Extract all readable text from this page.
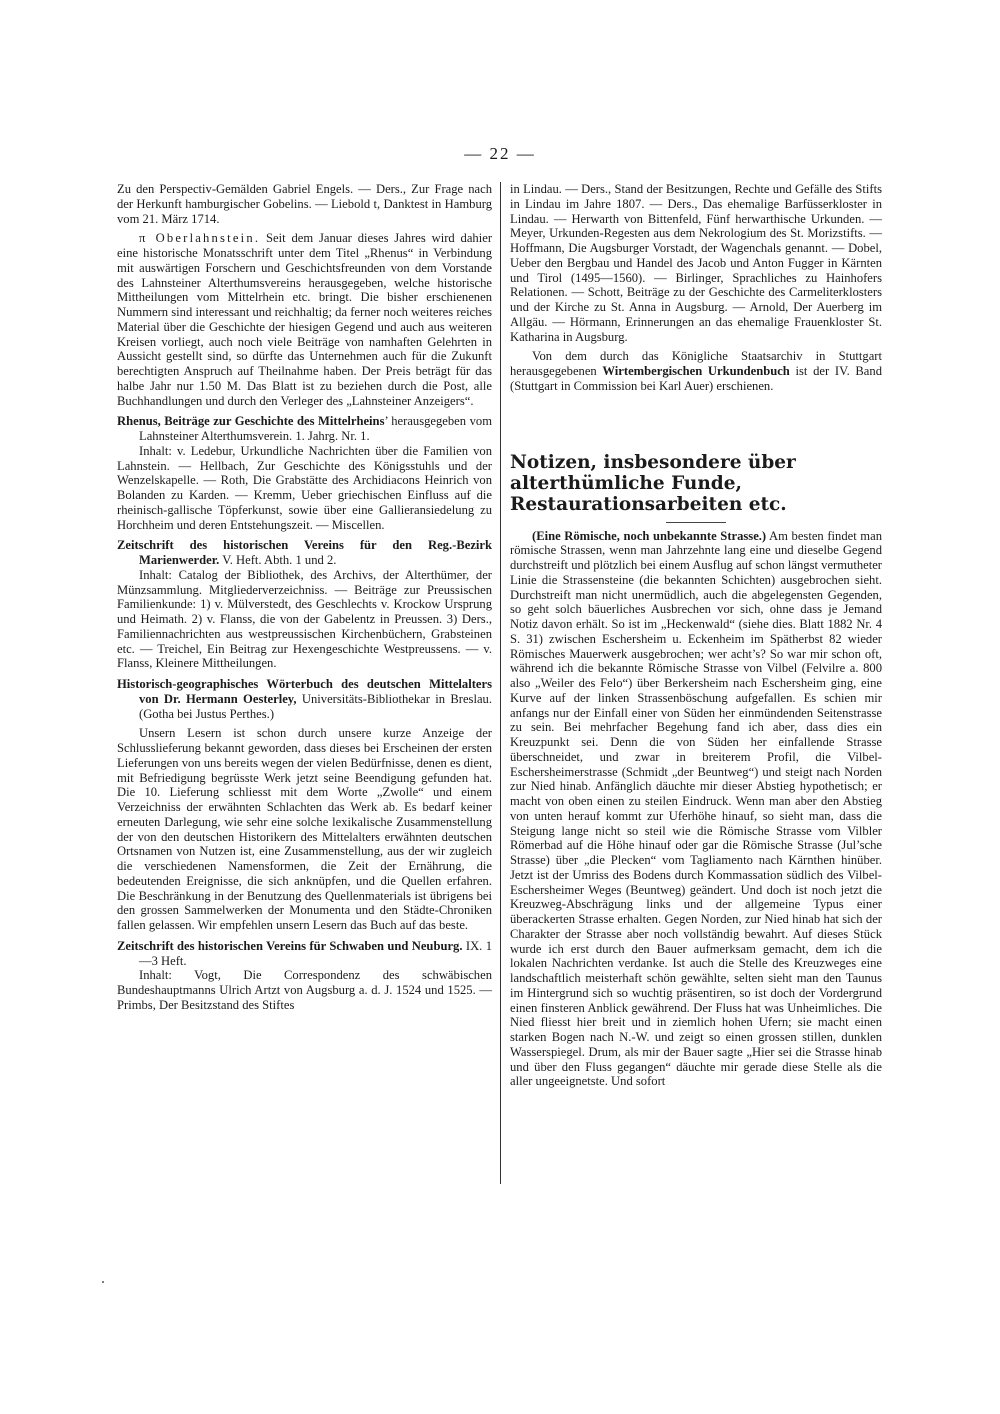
— 22 —

Zu den Perspectiv-Gemälden Gabriel Engels. — Ders., Zur Frage nach der Herkunft hamburgischer Gobelins. — Liebold t, Danktest in Hamburg vom 21. März 1714.

π Oberlahnstein. Seit dem Januar dieses Jahres wird dahier eine historische Monatsschrift unter dem Titel „Rhenus“ in Verbindung mit auswärtigen Forschern und Geschichtsfreunden von dem Vorstande des Lahnsteiner Alterthumsvereins herausgegeben, welche historische Mittheilungen vom Mittelrhein etc. bringt. Die bisher erschienenen Nummern sind interessant und reichhaltig; da ferner noch weiteres reiches Material über die Geschichte der hiesigen Gegend und auch aus weiteren Kreisen vorliegt, auch noch viele Beiträge von namhaften Gelehrten in Aussicht gestellt sind, so dürfte das Unternehmen auch für die Zukunft berechtigten Anspruch auf Theilnahme haben. Der Preis beträgt für das halbe Jahr nur 1.50 M. Das Blatt ist zu beziehen durch die Post, alle Buchhandlungen und durch den Verleger des „Lahnsteiner Anzeigers“.

Rhenus, Beiträge zur Geschichte des Mittelrheins’ herausgegeben vom Lahnsteiner Alterthumsverein. 1. Jahrg. Nr. 1.

Inhalt: v. Ledebur, Urkundliche Nachrichten über die Familien von Lahnstein. — Hellbach, Zur Geschichte des Königsstuhls und der Wenzelskapelle. — Roth, Die Grabstätte des Archidiacons Heinrich von Bolanden zu Karden. — Kremm, Ueber griechischen Einfluss auf die rheinisch-gallische Töpferkunst, sowie über eine Gallieransiedelung zu Horchheim und deren Entstehungszeit. — Miscellen.

Zeitschrift des historischen Vereins für den Reg.-Bezirk Marienwerder. V. Heft. Abth. 1 und 2.

Inhalt: Catalog der Bibliothek, des Archivs, der Alterthümer, der Münzsammlung. Mitgliederverzeichniss. — Beiträge zur Preussischen Familienkunde: 1) v. Mülverstedt, des Geschlechts v. Krockow Ursprung und Heimath. 2) v. Flanss, die von der Gabelentz in Preussen. 3) Ders., Familiennachrichten aus westpreussischen Kirchenbüchern, Grabsteinen etc. — Treichel, Ein Beitrag zur Hexengeschichte Westpreussens. — v. Flanss, Kleinere Mittheilungen.

Historisch-geographisches Wörterbuch des deutschen Mittelalters von Dr. Hermann Oesterley, Universitäts-Bibliothekar in Breslau. (Gotha bei Justus Perthes.)

Unsern Lesern ist schon durch unsere kurze Anzeige der Schlusslieferung bekannt geworden, dass dieses bei Erscheinen der ersten Lieferungen von uns bereits wegen der vielen Bedürfnisse, denen es dient, mit Befriedigung begrüsste Werk jetzt seine Beendigung gefunden hat. Die 10. Lieferung schliesst mit dem Worte „Zwolle“ und einem Verzeichniss der erwähnten Schlachten das Werk ab. Es bedarf keiner erneuten Darlegung, wie sehr eine solche lexikalische Zusammenstellung der von den deutschen Historikern des Mittelalters erwähnten deutschen Ortsnamen von Nutzen ist, eine Zusammenstellung, aus der wir zugleich die verschiedenen Namensformen, die Zeit der Ernährung, die bedeutenden Ereignisse, die sich anknüpfen, und die Quellen erfahren. Die Beschränkung in der Benutzung des Quellenmaterials ist übrigens bei den grossen Sammelwerken der Monumenta und den Städte-Chroniken fallen gelassen. Wir empfehlen unsern Lesern das Buch auf das beste.

Zeitschrift des historischen Vereins für Schwaben und Neuburg. IX. 1—3 Heft.

Inhalt: Vogt, Die Correspondenz des schwäbischen Bundeshauptmanns Ulrich Artzt von Augsburg a. d. J. 1524 und 1525. — Primbs, Der Besitzstand des Stiftes

in Lindau. — Ders., Stand der Besitzungen, Rechte und Gefälle des Stifts in Lindau im Jahre 1807. — Ders., Das ehemalige Barfüsserkloster in Lindau. — Herwarth von Bittenfeld, Fünf herwarthische Urkunden. — Meyer, Urkunden-Regesten aus dem Nekrologium des St. Morizstifts. — Hoffmann, Die Augsburger Vorstadt, der Wagenchals genannt. — Dobel, Ueber den Bergbau und Handel des Jacob und Anton Fugger in Kärnten und Tirol (1495—1560). — Birlinger, Sprachliches zu Hainhofers Relationen. — Schott, Beiträge zu der Geschichte des Carmeliterklosters und der Kirche zu St. Anna in Augsburg. — Arnold, Der Auerberg im Allgäu. — Hörmann, Erinnerungen an das ehemalige Frauenkloster St. Katharina in Augsburg.

Von dem durch das Königliche Staatsarchiv in Stuttgart herausgegebenen Wirtembergischen Urkundenbuch ist der IV. Band (Stuttgart in Commission bei Karl Auer) erschienen.

Notizen, insbesondere über alterthümliche Funde, Restaurationsarbeiten etc.

(Eine Römische, noch unbekannte Strasse.) Am besten findet man römische Strassen, wenn man Jahrzehnte lang eine und dieselbe Gegend durchstreift und plötzlich bei einem Ausflug auf schon längst vermutheter Linie die Strassensteine (die bekannten Schichten) ausgebrochen sieht. Durchstreift man nicht unermüdlich, auch die abgelegensten Gegenden, so geht solch bäuerliches Ausbrechen vor sich, ohne dass je Jemand Notiz davon erhält. So ist im „Heckenwald“ (siehe dies. Blatt 1882 Nr. 4 S. 31) zwischen Eschersheim u. Eckenheim im Spätherbst 82 wieder Römisches Mauerwerk ausgebrochen; wer acht’s? So war mir schon oft, während ich die bekannte Römische Strasse von Vilbel (Felvilre a. 800 also „Weiler des Felo“) über Berkersheim nach Eschersheim ging, eine Kurve auf der linken Strassenböschung aufgefallen. Es schien mir anfangs nur der Einfall einer von Süden her einmündenden Seitenstrasse zu sein. Bei mehrfacher Begehung fand ich aber, dass dies ein Kreuzpunkt sei. Denn die von Süden her einfallende Strasse überschneidet, und zwar in breiterem Profil, die Vilbel-Eschersheimerstrasse (Schmidt „der Beuntweg“) und steigt nach Norden zur Nied hinab. Anfänglich däuchte mir dieser Abstieg hypothetisch; er macht von oben einen zu steilen Eindruck. Wenn man aber den Abstieg von unten herauf kommt zur Uferhöhe hinauf, so sieht man, dass die Steigung lange nicht so steil wie die Römische Strasse vom Vilbler Römerbad auf die Höhe hinauf oder gar die Römische Strasse (Jul’sche Strasse) über „die Plecken“ vom Tagliamento nach Kärnthen hinüber. Jetzt ist der Umriss des Bodens durch Kommassation südlich des Vilbel-Eschersheimer Weges (Beuntweg) geändert. Und doch ist noch jetzt die Kreuzweg-Abschrägung links und der allgemeine Typus einer überackerten Strasse erhalten. Gegen Norden, zur Nied hinab hat sich der Charakter der Strasse aber noch vollständig bewahrt. Auf dieses Stück wurde ich erst durch den Bauer aufmerksam gemacht, dem ich die lokalen Nachrichten verdanke. Ist auch die Stelle des Kreuzweges eine landschaftlich meisterhaft schön gewählte, selten sieht man den Taunus im Hintergrund sich so wuchtig präsentiren, so ist doch der Vordergrund einen finsteren Anblick gewährend. Der Fluss hat was Unheimliches. Die Nied fliesst hier breit und in ziemlich hohen Ufern; sie macht einen starken Bogen nach N.-W. und zeigt so einen grossen stillen, dunklen Wasserspiegel. Drum, als mir der Bauer sagte „Hier sei die Strasse hinab und über den Fluss gegangen“ däuchte mir gerade diese Stelle als die aller ungeeignetste. Und sofort
